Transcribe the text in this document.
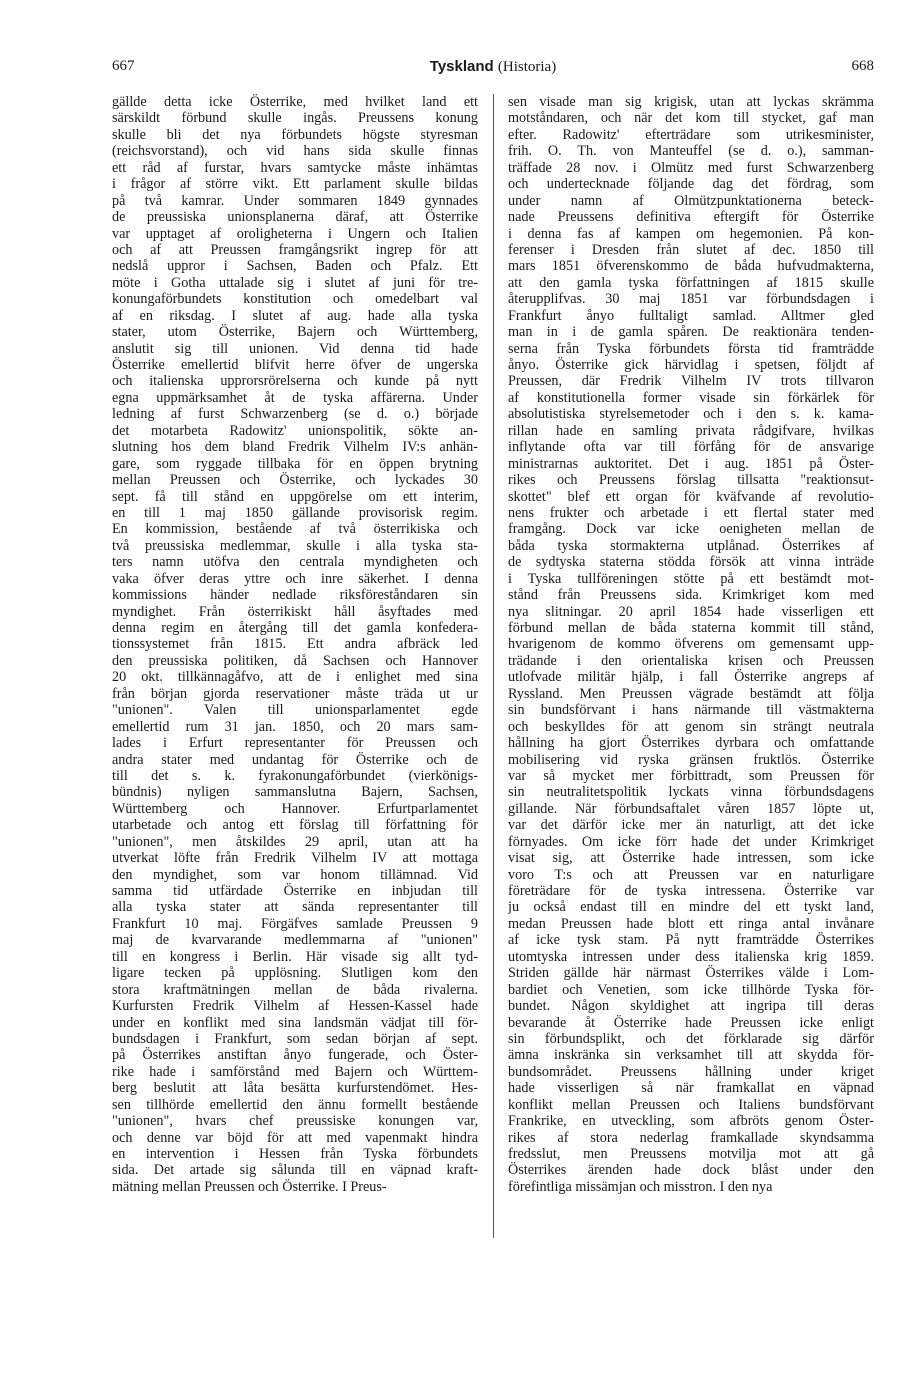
667	Tyskland (Historia)	668
gällde detta icke Österrike, med hvilket land ett
särskildt förbund skulle ingås. Preussens konung
skulle bli det nya förbundets högste styresman
(reichsvorstand), och vid hans sida skulle finnas
ett råd af furstar, hvars samtycke måste inhämtas
i frågor af större vikt. Ett parlament skulle bildas
på två kamrar. Under sommaren 1849 gynnades
de preussiska unionsplanerna däraf, att Österrike
var upptaget af oroligheterna i Ungern och Italien
och af att Preussen framgångsrikt ingrep för att
nedslå uppror i Sachsen, Baden och Pfalz. Ett
möte i Gotha uttalade sig i slutet af juni för tre-
konungaförbundets konstitution och omedelbart val
af en riksdag. I slutet af aug. hade alla tyska
stater, utom Österrike, Bajern och Württemberg,
anslutit sig till unionen. Vid denna tid hade
Österrike emellertid blifvit herre öfver de ungerska
och italienska upprorsrörelserna och kunde på nytt
egna uppmärksamhet åt de tyska affärerna. Under
ledning af furst Schwarzenberg (se d. o.) började
det motarbeta Radowitz' unionspolitik, sökte an-
slutning hos dem bland Fredrik Vilhelm IV:s anhän-
gare, som ryggade tillbaka för en öppen brytning
mellan Preussen och Österrike, och lyckades 30
sept. få till stånd en uppgörelse om ett interim,
en till 1 maj 1850 gällande provisorisk regim.
En kommission, bestående af två österrikiska och
två preussiska medlemmar, skulle i alla tyska sta-
ters namn utöfva den centrala myndigheten och
vaka öfver deras yttre och inre säkerhet. I denna
kommissions händer nedlade riksföreståndaren sin
myndighet. Från österrikiskt håll åsyftades med
denna regim en återgång till det gamla konfedera-
tionssystemet från 1815. Ett andra afbräck led
den preussiska politiken, då Sachsen och Hannover
20 okt. tillkännagåfvo, att de i enlighet med sina
från början gjorda reservationer måste träda ut ur
"unionen". Valen till unionsparlamentet egde
emellertid rum 31 jan. 1850, och 20 mars sam-
lades i Erfurt representanter för Preussen och
andra stater med undantag för Österrike och de
till det s. k. fyrakonungaförbundet (vierkönigs-
bündnis) nyligen sammanslutna Bajern, Sachsen,
Württemberg och Hannover. Erfurtparlamentet
utarbetade och antog ett förslag till författning för
"unionen", men åtskildes 29 april, utan att ha
utverkat löfte från Fredrik Vilhelm IV att mottaga
den myndighet, som var honom tillämnad. Vid
samma tid utfärdade Österrike en inbjudan till
alla tyska stater att sända representanter till
Frankfurt 10 maj. Förgäfves samlade Preussen 9
maj de kvarvarande medlemmarna af "unionen"
till en kongress i Berlin. Här visade sig allt tyd-
ligare tecken på upplösning. Slutligen kom den
stora kraftmätningen mellan de båda rivalerna.
Kurfursten Fredrik Vilhelm af Hessen-Kassel hade
under en konflikt med sina landsmän vädjat till för-
bundsdagen i Frankfurt, som sedan början af sept.
på Österrikes anstiftan ånyo fungerade, och Öster-
rike hade i samförstånd med Bajern och Württem-
berg beslutit att låta besätta kurfurstendömet. Hes-
sen tillhörde emellertid den ännu formellt bestående
"unionen", hvars chef preussiske konungen var,
och denne var böjd för att med vapenmakt hindra
en intervention i Hessen från Tyska förbundets
sida. Det artade sig sålunda till en väpnad kraft-
mätning mellan Preussen och Österrike. I Preus-
sen visade man sig krigisk, utan att lyckas skrämma
motståndaren, och när det kom till stycket, gaf man
efter. Radowitz' efterträdare som utrikesminister,
frih. O. Th. von Manteuffel (se d. o.), samman-
träffade 28 nov. i Olmütz med furst Schwarzenberg
och undertecknade följande dag det fördrag, som
under namn af Olmützpunktationerna beteck-
nade Preussens definitiva eftergift för Österrike
i denna fas af kampen om hegemonien. På kon-
ferenser i Dresden från slutet af dec. 1850 till
mars 1851 öfverenskommo de båda hufvudmakterna,
att den gamla tyska författningen af 1815 skulle
återupplifvas. 30 maj 1851 var förbundsdagen i
Frankfurt ånyo fulltaligt samlad. Alltmer gled
man in i de gamla spåren. De reaktionära tenden-
serna från Tyska förbundets första tid framträdde
ånyo. Österrike gick härvidlag i spetsen, följdt af
Preussen, där Fredrik Vilhelm IV trots tillvaron
af konstitutionella former visade sin förkärlek för
absolutistiska styrelsemetoder och i den s. k. kama-
rillan hade en samling privata rådgifvare, hvilkas
inflytande ofta var till förfång för de ansvarige
ministrarnas auktoritet. Det i aug. 1851 på Öster-
rikes och Preussens förslag tillsatta "reaktionsut-
skottet" blef ett organ för kväfvande af revolutio-
nens frukter och arbetade i ett flertal stater med
framgång. Dock var icke oenigheten mellan de
båda tyska stormakterna utplånad. Österrikes af
de sydtyska staterna stödda försök att vinna inträde
i Tyska tullföreningen stötte på ett bestämdt mot-
stånd från Preussens sida. Krimkriget kom med
nya slitningar. 20 april 1854 hade visserligen ett
förbund mellan de båda staterna kommit till stånd,
hvarigenom de kommo öfverens om gemensamt upp-
trädande i den orientaliska krisen och Preussen
utlofvade militär hjälp, i fall Österrike angreps af
Ryssland. Men Preussen vägrade bestämdt att följa
sin bundsförvant i hans närmande till västmakterna
och beskylldes för att genom sin strängt neutrala
hållning ha gjort Österrikes dyrbara och omfattande
mobilisering vid ryska gränsen fruktlös. Österrike
var så mycket mer förbittradt, som Preussen för
sin neutralitetspolitik lyckats vinna förbundsdagens
gillande. När förbundsaftalet våren 1857 löpte ut,
var det därför icke mer än naturligt, att det icke
förnyades. Om icke förr hade det under Krimkriget
visat sig, att Österrike hade intressen, som icke
voro T:s och att Preussen var en naturligare
företrädare för de tyska intressena. Österrike var
ju också endast till en mindre del ett tyskt land,
medan Preussen hade blott ett ringa antal invånare
af icke tysk stam. På nytt framträdde Österrikes
utomtyska intressen under dess italienska krig 1859.
Striden gällde här närmast Österrikes välde i Lom-
bardiet och Venetien, som icke tillhörde Tyska för-
bundet. Någon skyldighet att ingripa till deras
bevarande åt Österrike hade Preussen icke enligt
sin förbundsplikt, och det förklarade sig därför
ämna inskränka sin verksamhet till att skydda för-
bundsområdet. Preussens hållning under kriget
hade visserligen så när framkallat en väpnad
konflikt mellan Preussen och Italiens bundsförvant
Frankrike, en utveckling, som afbröts genom Öster-
rikes af stora nederlag framkallade skyndsamma
fredsslut, men Preussens motvilja mot att gå
Österrikes ärenden hade dock blåst under den
förefintliga missämjan och misstron. I den nya
